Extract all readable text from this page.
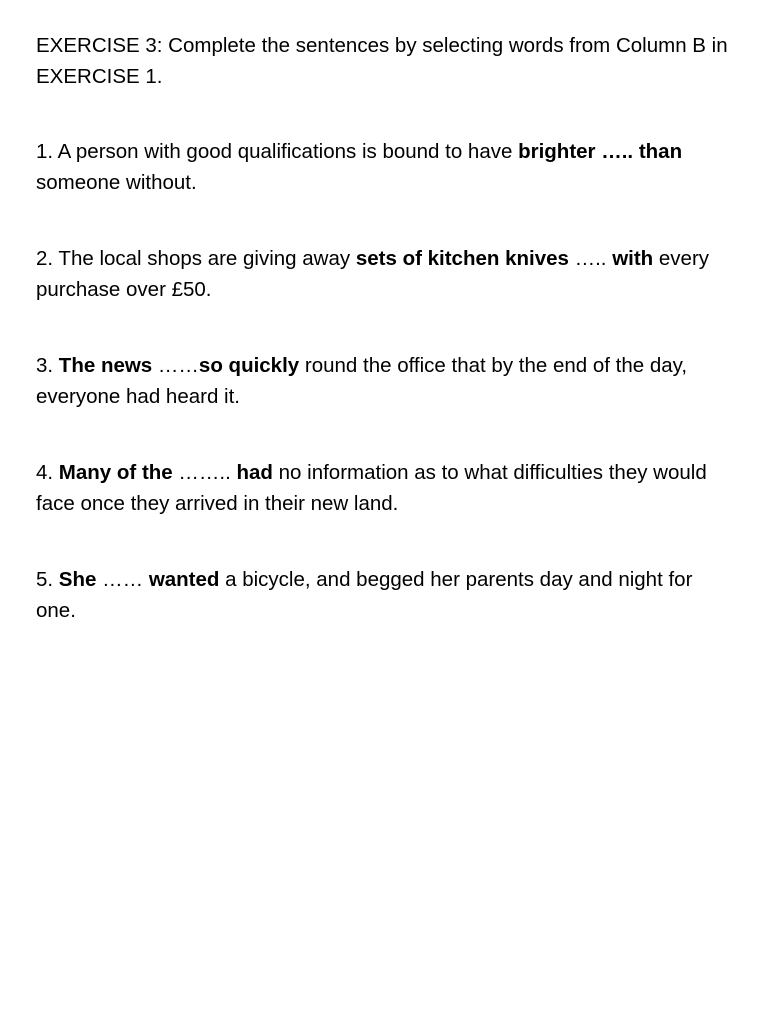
EXERCISE 3: Complete the sentences by selecting words from Column B in EXERCISE 1.

1. A person with good qualifications is bound to have brighter ….. than someone without.

2. The local shops are giving away sets of kitchen knives ….. with every purchase over £50.

3. The news ……so quickly round the office that by the end of the day, everyone had heard it.

4. Many of the …….. had no information as to what difficulties they would face once they arrived in their new land.

5. She …… wanted a bicycle, and begged her parents day and night for one.
